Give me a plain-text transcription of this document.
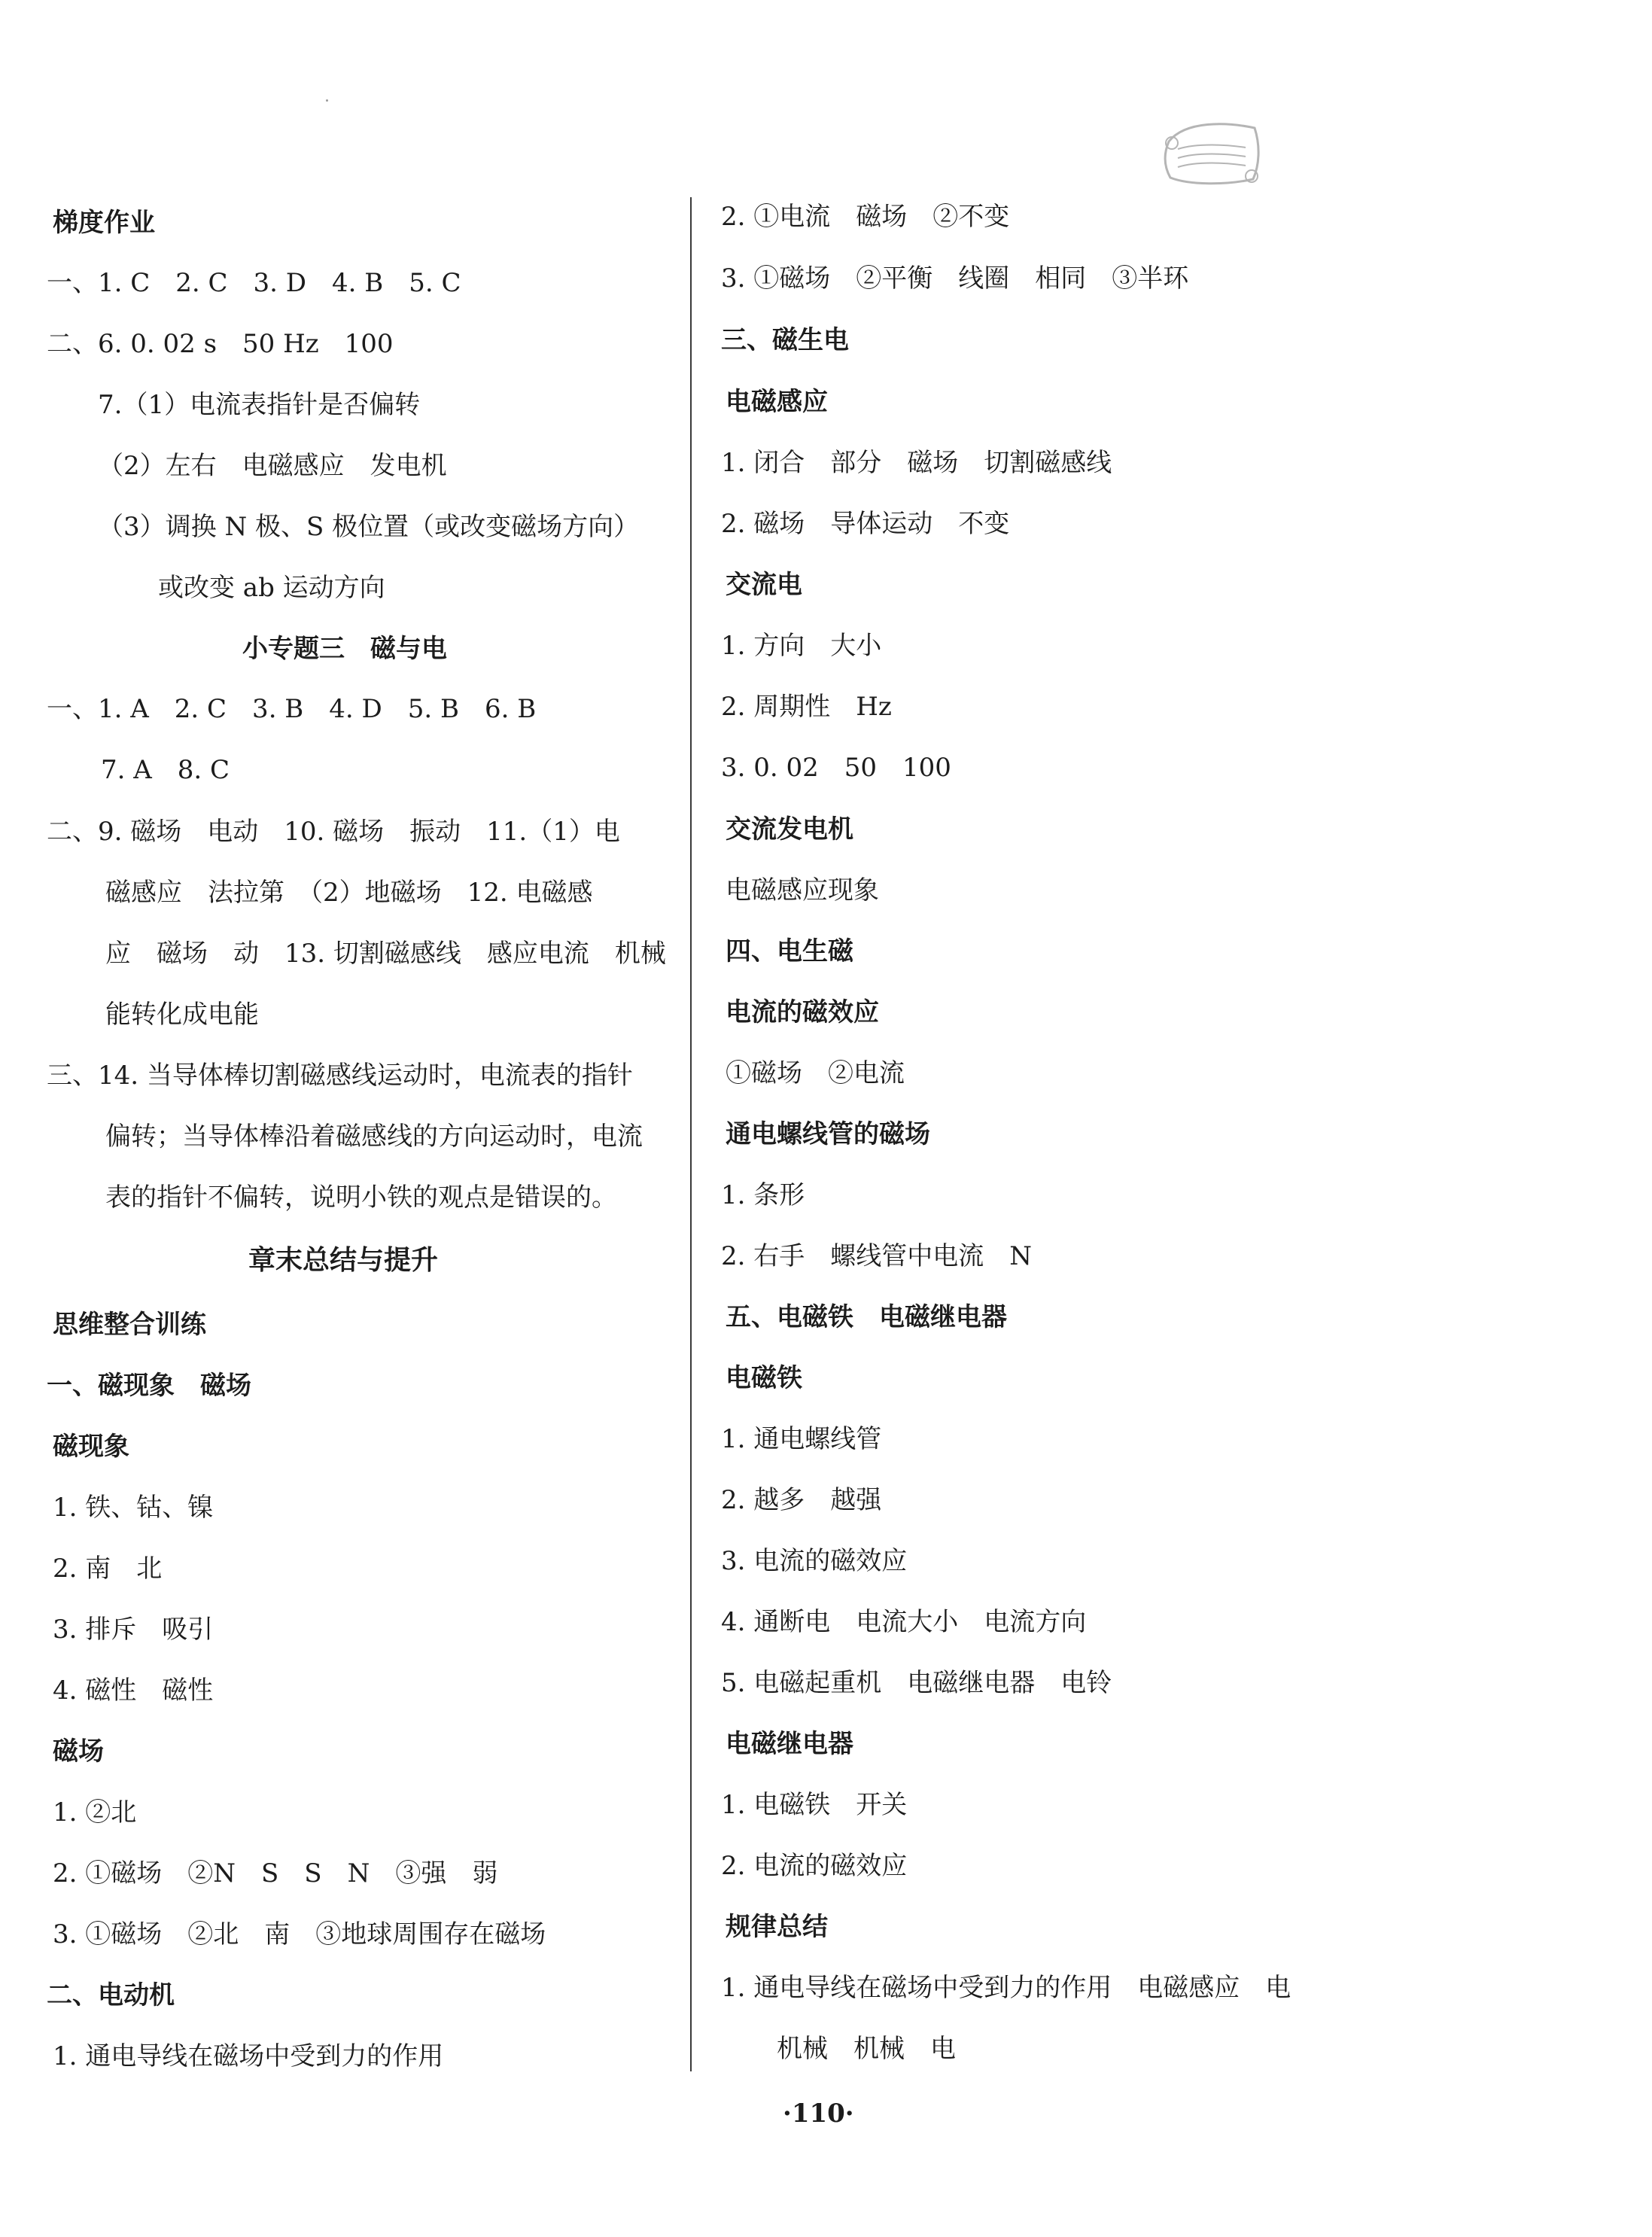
梯度作业
一、1. C　2. C　3. D　4. B　5. C
二、6. 0. 02 s　50 Hz　100
7.（1）电流表指针是否偏转
（2）左右　电磁感应　发电机
（3）调换 N 极、S 极位置（或改变磁场方向）
或改变 ab 运动方向
小专题三　磁与电
一、1. A　2. C　3. B　4. D　5. B　6. B
7. A　8. C
二、9. 磁场　电动　10. 磁场　振动　11.（1）电
磁感应　法拉第　（2）地磁场　12. 电磁感
应　磁场　动　13. 切割磁感线　感应电流　机械
能转化成电能
三、14. 当导体棒切割磁感线运动时，电流表的指针
偏转；当导体棒沿着磁感线的方向运动时，电流
表的指针不偏转，说明小铁的观点是错误的。
章末总结与提升
思维整合训练
一、磁现象　磁场
磁现象
1. 铁、钴、镍
2. 南　北
3. 排斥　吸引
4. 磁性　磁性
磁场
1. ②北
2. ①磁场　②N　S　S　N　③强　弱
3. ①磁场　②北　南　③地球周围存在磁场
二、电动机
1. 通电导线在磁场中受到力的作用
2. ①电流　磁场　②不变
3. ①磁场　②平衡　线圈　相同　③半环
三、磁生电
电磁感应
1. 闭合　部分　磁场　切割磁感线
2. 磁场　导体运动　不变
交流电
1. 方向　大小
2. 周期性　Hz
3. 0. 02　50　100
交流发电机
电磁感应现象
四、电生磁
电流的磁效应
①磁场　②电流
通电螺线管的磁场
1. 条形
2. 右手　螺线管中电流　N
五、电磁铁　电磁继电器
电磁铁
1. 通电螺线管
2. 越多　越强
3. 电流的磁效应
4. 通断电　电流大小　电流方向
5. 电磁起重机　电磁继电器　电铃
电磁继电器
1. 电磁铁　开关
2. 电流的磁效应
规律总结
1. 通电导线在磁场中受到力的作用　电磁感应　电
机械　机械　电
·110·
